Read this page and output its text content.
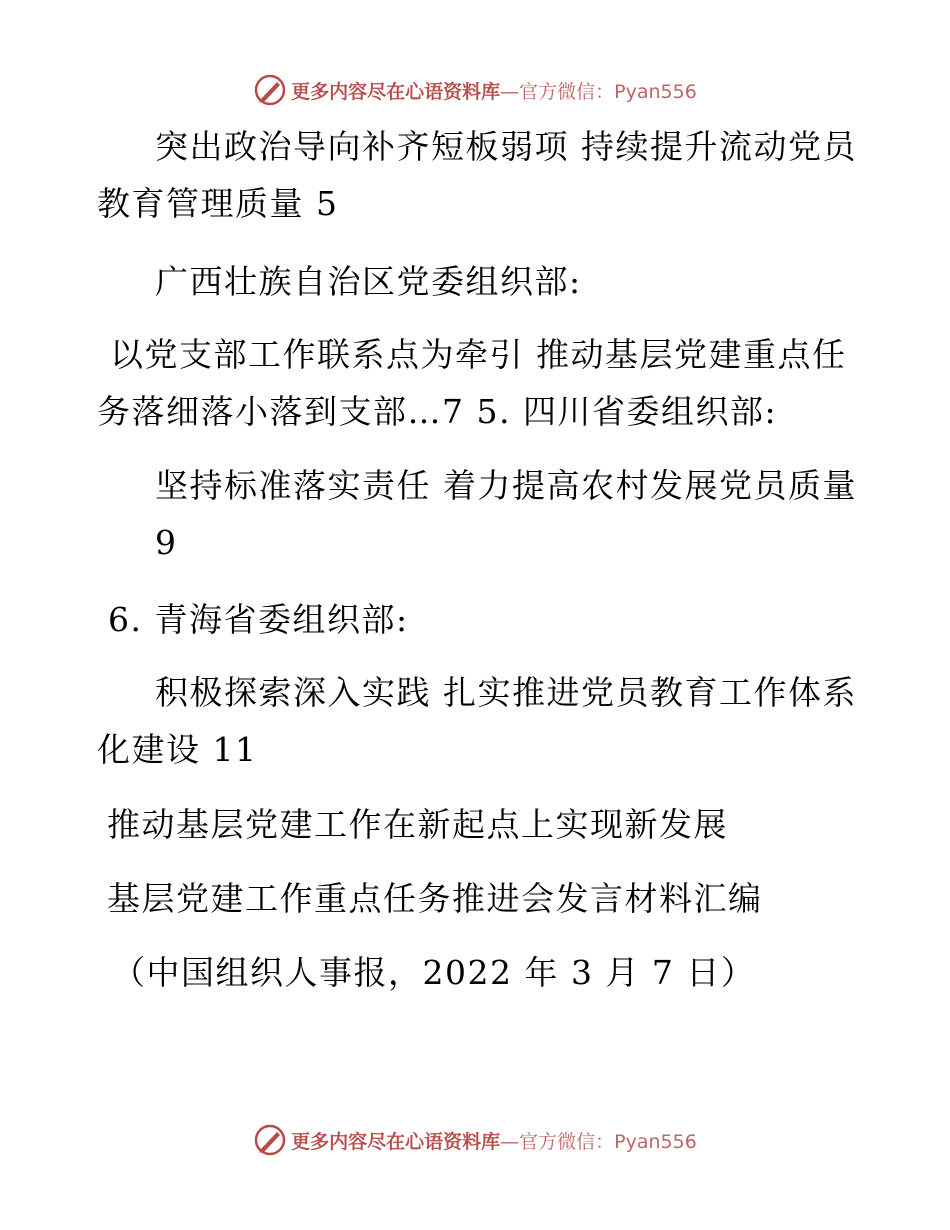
更多内容尽在心语资料库—官方微信：Pyan556
突出政治导向补齐短板弱项 持续提升流动党员
教育管理质量 5
广西壮族自治区党委组织部:
以党支部工作联系点为牵引 推动基层党建重点任
务落细落小落到支部…7 5. 四川省委组织部:
坚持标准落实责任 着力提高农村发展党员质量
9
6. 青海省委组织部:
积极探索深入实践 扎实推进党员教育工作体系
化建设 11
推动基层党建工作在新起点上实现新发展
基层党建工作重点任务推进会发言材料汇编
（中国组织人事报，2022 年 3 月 7 日）
更多内容尽在心语资料库—官方微信：Pyan556
